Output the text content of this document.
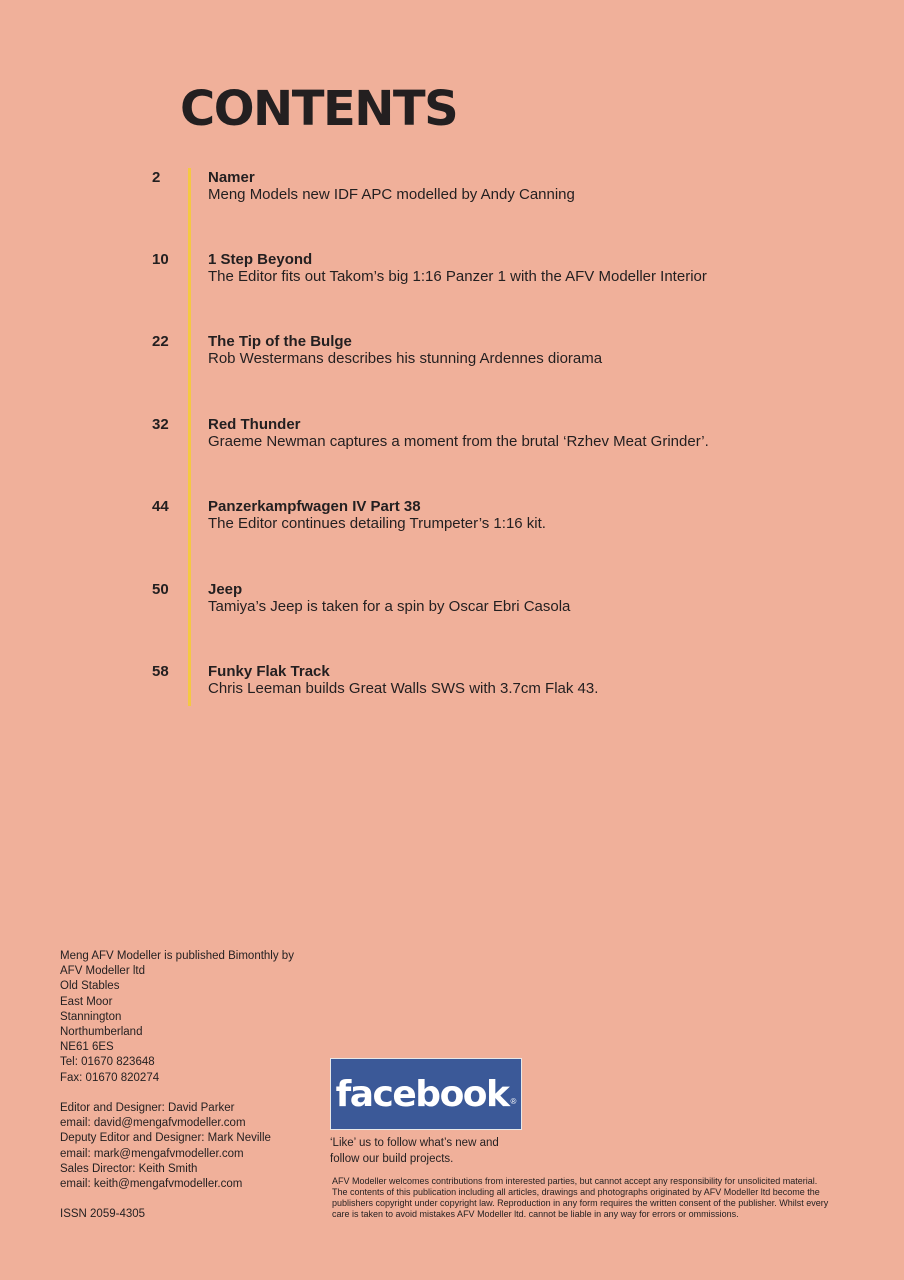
CONTENTS
2	Namer
Meng Models new IDF APC modelled by Andy Canning
10	1 Step Beyond
The Editor fits out Takom’s big 1:16 Panzer 1 with the AFV Modeller Interior
22	The Tip of the Bulge
Rob Westermans describes his stunning Ardennes diorama
32	Red Thunder
Graeme Newman captures a moment from the brutal ‘Rzhev Meat Grinder’.
44	Panzerkampfwagen IV Part 38
The Editor continues detailing Trumpeter’s 1:16 kit.
50	Jeep
Tamiya’s Jeep is taken for a spin by Oscar Ebri Casola
58	Funky Flak Track
Chris Leeman builds Great Walls SWS with 3.7cm Flak 43.
Meng AFV Modeller is published Bimonthly by
AFV Modeller ltd
Old Stables
East Moor
Stannington
Northumberland
NE61 6ES
Tel: 01670 823648
Fax: 01670 820274
Editor and Designer: David Parker
email: david@mengafvmodeller.com
Deputy Editor and Designer: Mark Neville
email: mark@mengafvmodeller.com
Sales Director: Keith Smith
email: keith@mengafvmodeller.com
ISSN 2059-4305
facebook ®
‘Like’ us to follow what’s new and
follow our build projects.
AFV Modeller welcomes contributions from interested parties, but cannot accept any responsibility for unsolicited material. The contents of this publication including all articles, drawings and photographs originated by AFV Modeller ltd become the publishers copyright under copyright law. Reproduction in any form requires the written consent of the publisher. Whilst every care is taken to avoid mistakes AFV Modeller ltd. cannot be liable in any way for errors or ommissions.
